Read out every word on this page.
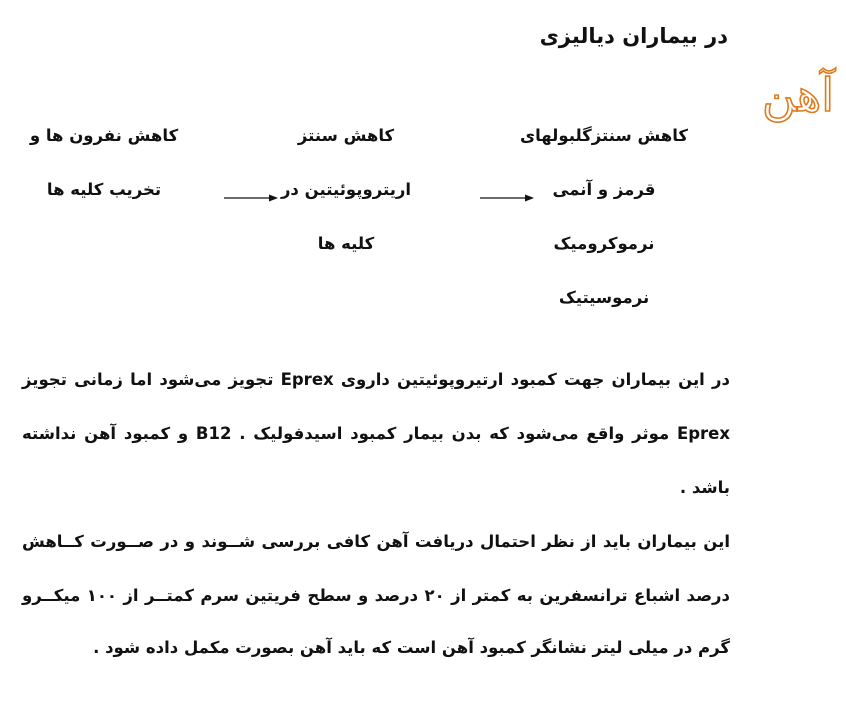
در بیماران دیالیزی
آهن
کاهش سنتزگلبولهای
قرمز و آنمی
نرموکرومیک
نرموسیتیک
کاهش سنتز
اریتروپوئیتین در
کلیه ها
کاهش نفرون ها و
تخریب کلیه ها
در این بیماران جهت کمبود ارتیروپوئیتین داروی Eprex تجویز می‌شود اما زمانی تجویز
Eprex موثر واقع می‌شود که بدن بیمار کمبود اسیدفولیک . B12 و کمبود آهن نداشته
باشد .
این بیماران باید از نظر احتمال دریافت آهن کافی بررسی شــوند و در صــورت کــاهش
درصد اشباع ترانسفرین به کمتر از ۲۰ درصد و سطح فریتین سرم کمتــر از ۱۰۰ میکــرو
گرم در میلی لیتر نشانگر کمبود آهن است که باید آهن بصورت مکمل داده شود .
